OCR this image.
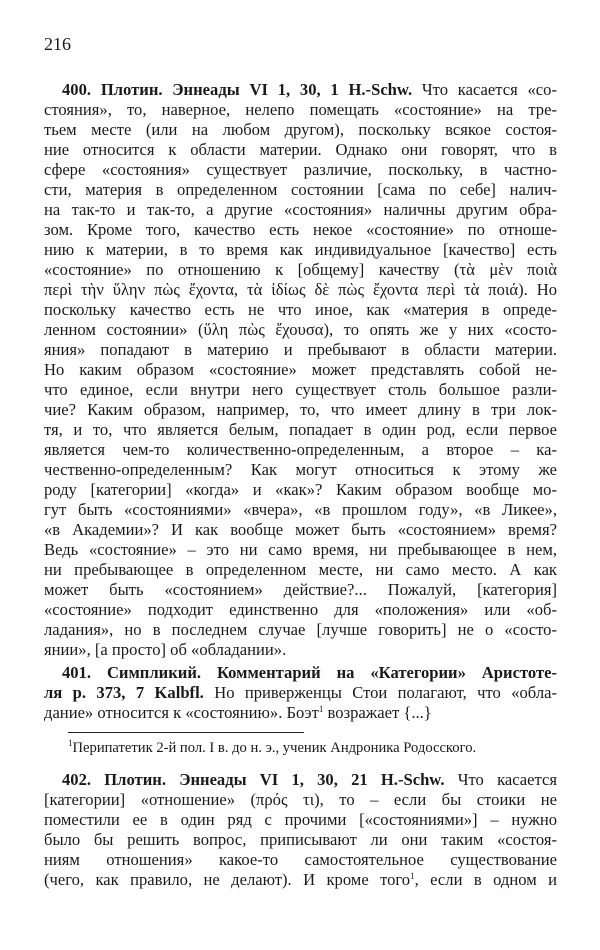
216
400. Плотин. Эннеады VI 1, 30, 1 H.-Schw. Что касается «со-
стояния», то, наверное, нелепо помещать «состояние» на тре-
тьем месте (или на любом другом), поскольку всякое состоя-
ние относится к области материи. Однако они говорят, что в
сфере «состояния» существует различие, поскольку, в частно-
сти, материя в определенном состоянии [сама по себе] налич-
на так-то и так-то, а другие «состояния» наличны другим обра-
зом. Кроме того, качество есть некое «состояние» по отноше-
нию к материи, в то время как индивидуальное [качество] есть
«состояние» по отношению к [общему] качеству (τὰ μὲν ποιὰ
περὶ τὴν ὕλην πὼς ἔχοντα, τὰ ἰδίως δὲ πὼς ἔχοντα περὶ τὰ ποιά). Но
поскольку качество есть не что иное, как «материя в опреде-
ленном состоянии» (ὕλη πὼς ἔχουσα), то опять же у них «состо-
яния» попадают в материю и пребывают в области материи.
Но каким образом «состояние» может представлять собой не-
что единое, если внутри него существует столь большое разли-
чие? Каким образом, например, то, что имеет длину в три лок-
тя, и то, что является белым, попадает в один род, если первое
является чем-то количественно-определенным, а второе – ка-
чественно-определенным? Как могут относиться к этому же
роду [категории] «когда» и «как»? Каким образом вообще мо-
гут быть «состояниями» «вчера», «в прошлом году», «в Ликее»,
«в Академии»? И как вообще может быть «состоянием» время?
Ведь «состояние» – это ни само время, ни пребывающее в нем,
ни пребывающее в определенном месте, ни само место. А как
может быть «состоянием» действие?... Пожалуй, [категория]
«состояние» подходит единственно для «положения» или «об-
ладания», но в последнем случае [лучше говорить] не о «состо-
янии», [а просто] об «обладании».
401. Симпликий. Комментарий на «Категории» Аристоте-
ля р. 373, 7 Kalbfl. Но приверженцы Стои полагают, что «обла-
дание» относится к «состоянию». Боэт$^1$ возражает {...}
$^1$Перипатетик 2-й пол. I в. до н. э., ученик Андроника Родосского.
402. Плотин. Эннеады VI 1, 30, 21 H.-Schw. Что касается
[категории] «отношение» (πρός τι), то – если бы стоики не
поместили ее в один ряд с прочими [«состояниями»] – нужно
было бы решить вопрос, приписывают ли они таким «состоя-
ниям отношения» какое-то самостоятельное существование
(чего, как правило, не делают). И кроме того$^1$, если в одном и
